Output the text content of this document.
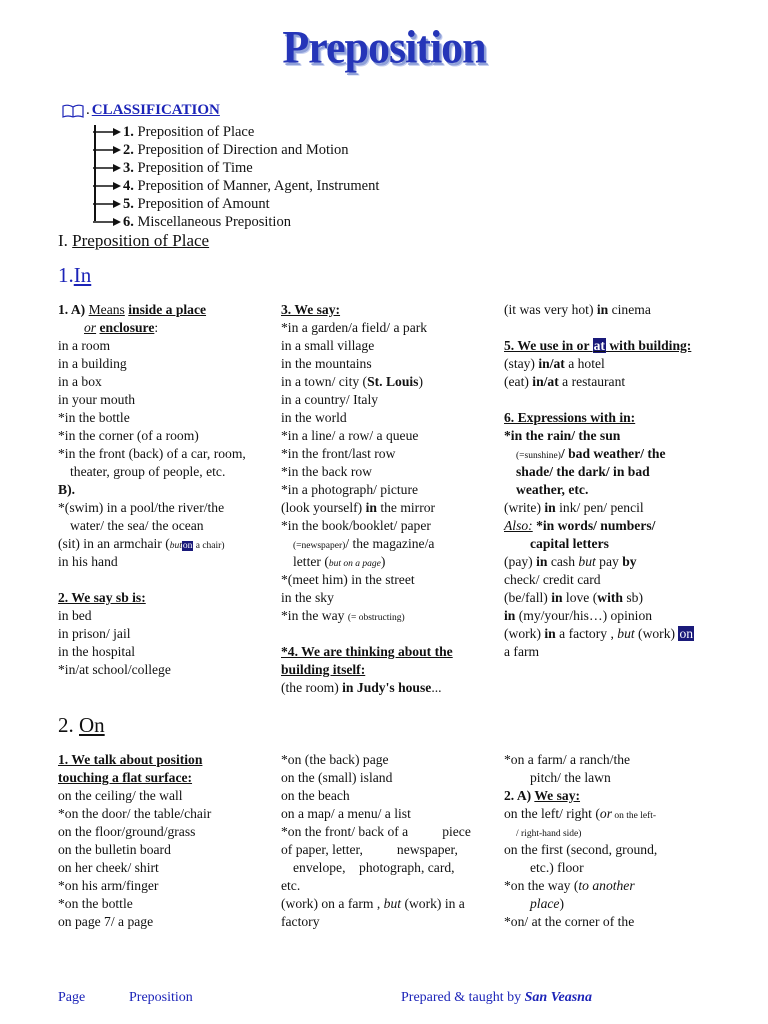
Preposition
. CLASSIFICATION
1.
Preposition of Place
2.
Preposition of Direction and Motion
3.
Preposition of Time
4.
Preposition of Manner, Agent, Instrument
5.
Preposition of Amount
6.
Miscellaneous Preposition
I. Preposition of Place
1.In
1. A) Means inside a place
or enclosure:
in a room
in a building
in a box
in your mouth
*in the bottle
*in the corner (of a room)
*in the front (back) of a car, room,
theater, group of people, etc.
B).
*(swim) in a pool/the river/the
water/ the sea/ the ocean
(sit) in an armchair (buton a chair)
in his hand
2. We say sb is:
in bed
in prison/ jail
in the hospital
*in/at school/college
3. We say:
*in a garden/a field/ a park
in a small village
in the mountains
in a town/ city (St. Louis)
in a country/ Italy
in the world
*in a line/ a row/ a queue
*in the front/last row
*in the back row
*in a photograph/ picture
(look yourself) in the mirror
*in the book/booklet/ paper
(=newspaper)/ the magazine/a
letter (but on a page)
*(meet him) in the street
in the sky
*in the way (= obstructing)
*4. We are thinking about the
building itself:
(the room) in Judy's house...
(it was very hot) in cinema
5. We use in or at with building:
(stay) in/at a hotel
(eat) in/at a restaurant
6. Expressions with in:
*in the rain/ the sun
(=sunshine)/ bad weather/ the
shade/ the dark/ in bad
weather, etc.
(write) in ink/ pen/ pencil
Also: *in words/ numbers/
capital letters
(pay) in cash but pay by
check/ credit card
(be/fall) in love (with sb)
in (my/your/his…) opinion
(work) in a factory , but (work) on
a farm
2. On
1. We talk about position
touching a flat surface:
on the ceiling/ the wall
*on the door/ the table/chair
on the floor/ground/grass
on the bulletin board
on her cheek/ shirt
*on his arm/finger
*on the bottle
on page 7/ a page
*on (the back) page
on the (small) island
on the beach
on a map/ a menu/ a list
*on the front/ back of a          piece
of paper, letter,          newspaper,
envelope,    photograph, card,
etc.
(work) on a farm , but (work) in a
factory
*on a farm/ a ranch/the
pitch/ the lawn
2. A) We say:
on the left/ right (or on the left-
/ right-hand side)
on the first (second, ground,
etc.) floor
*on the way (to another
place)
*on/ at the corner of the
Page	Preposition	Prepared & taught by San Veasna
